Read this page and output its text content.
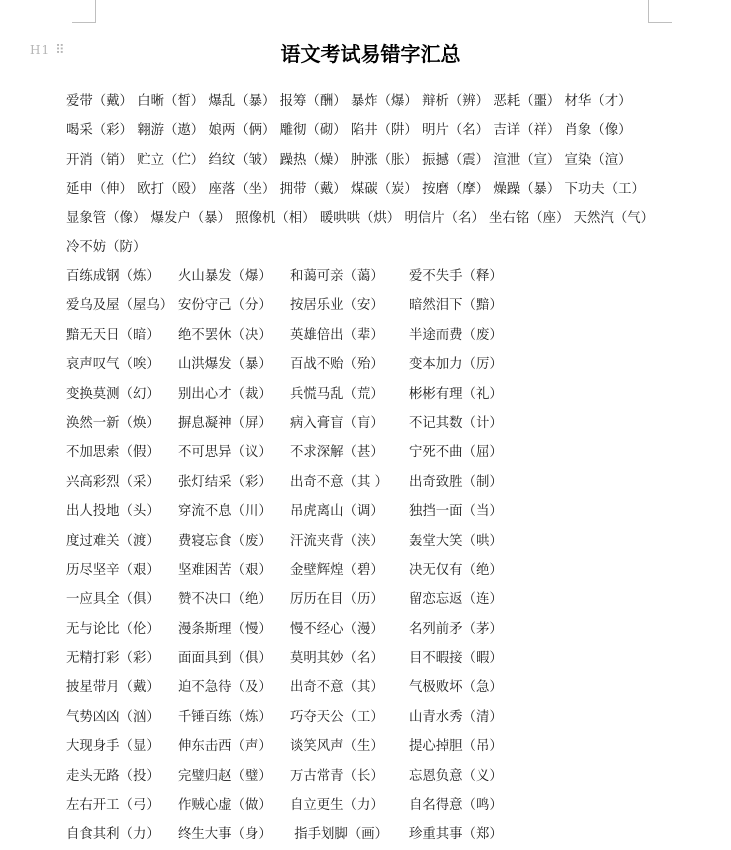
H1 ⠿	语文考试易错字汇总

爱带（戴） 白晰（皙） 爆乱（暴） 报筹（酬） 暴炸（爆） 辩析（辨） 恶耗（噩） 材华（才） 喝采（彩） 翱游（遨） 娘两（俩） 雕彻（砌） 陷井（阱） 明片（名） 吉详（祥） 肖象（像） 开消（销） 贮立（伫） 绉纹（皱） 躁热（燥） 肿涨（胀） 振撼（震） 渲泄（宣） 宣染（渲） 延申（伸） 欧打（殴） 座落（坐） 拥带（戴） 煤碳（炭） 按磨（摩） 燥躁（暴） 下功夫（工） 显象管（像） 爆发户（暴） 照像机（相） 暖哄哄（烘） 明信片（名） 坐右铭（座） 天然汽（气） 冷不妨（防）

百练成钢（炼） 火山暴发（爆） 和蔼可亲（蔼） 爱不失手（释）
爱乌及屋（屋乌） 安份守己（分） 按居乐业（安） 暗然泪下（黯）
黯无天日（暗） 绝不罢休（决） 英雄倍出（辈） 半途而费（废）
哀声叹气（唉） 山洪爆发（暴） 百战不贻（殆） 变本加力（厉）
变换莫测（幻） 别出心才（裁） 兵慌马乱（荒） 彬彬有理（礼）
涣然一新（焕） 摒息凝神（屏） 病入膏盲（肓） 不记其数（计）
不加思索（假） 不可思异（议） 不求深解（甚） 宁死不曲（屈）
兴高彩烈（采） 张灯结采（彩） 出奇不意（其 ） 出奇致胜（制）
出人投地（头） 穿流不息（川） 吊虎离山（调） 独挡一面（当）
度过难关（渡） 费寝忘食（废） 汗流夹背（浃） 轰堂大笑（哄）
历尽坚辛（艰） 坚难困苦（艰） 金壁辉煌（碧） 决无仅有（绝）
一应具全（俱） 赞不决口（绝） 厉历在目（历） 留恋忘返（连）
无与论比（伦） 漫条斯理（慢） 慢不经心（漫） 名列前矛（茅）
无精打彩（彩） 面面具到（俱） 莫明其妙（名） 目不暇接（暇）
披星带月（戴） 迫不急待（及） 出奇不意（其） 气极败坏（急）
气势凶凶（汹） 千锤百练（炼） 巧夺天公（工） 山青水秀（清）
大现身手（显） 伸东击西（声） 谈笑风声（生） 提心掉胆（吊）
走头无路（投） 完璧归赵（璧） 万古常青（长） 忘恩负意（义）
左右开工（弓） 作贼心虚（做） 自立更生（力） 自名得意（鸣）
自食其利（力） 终生大事（身） 指手划脚（画） 珍重其事（郑）
